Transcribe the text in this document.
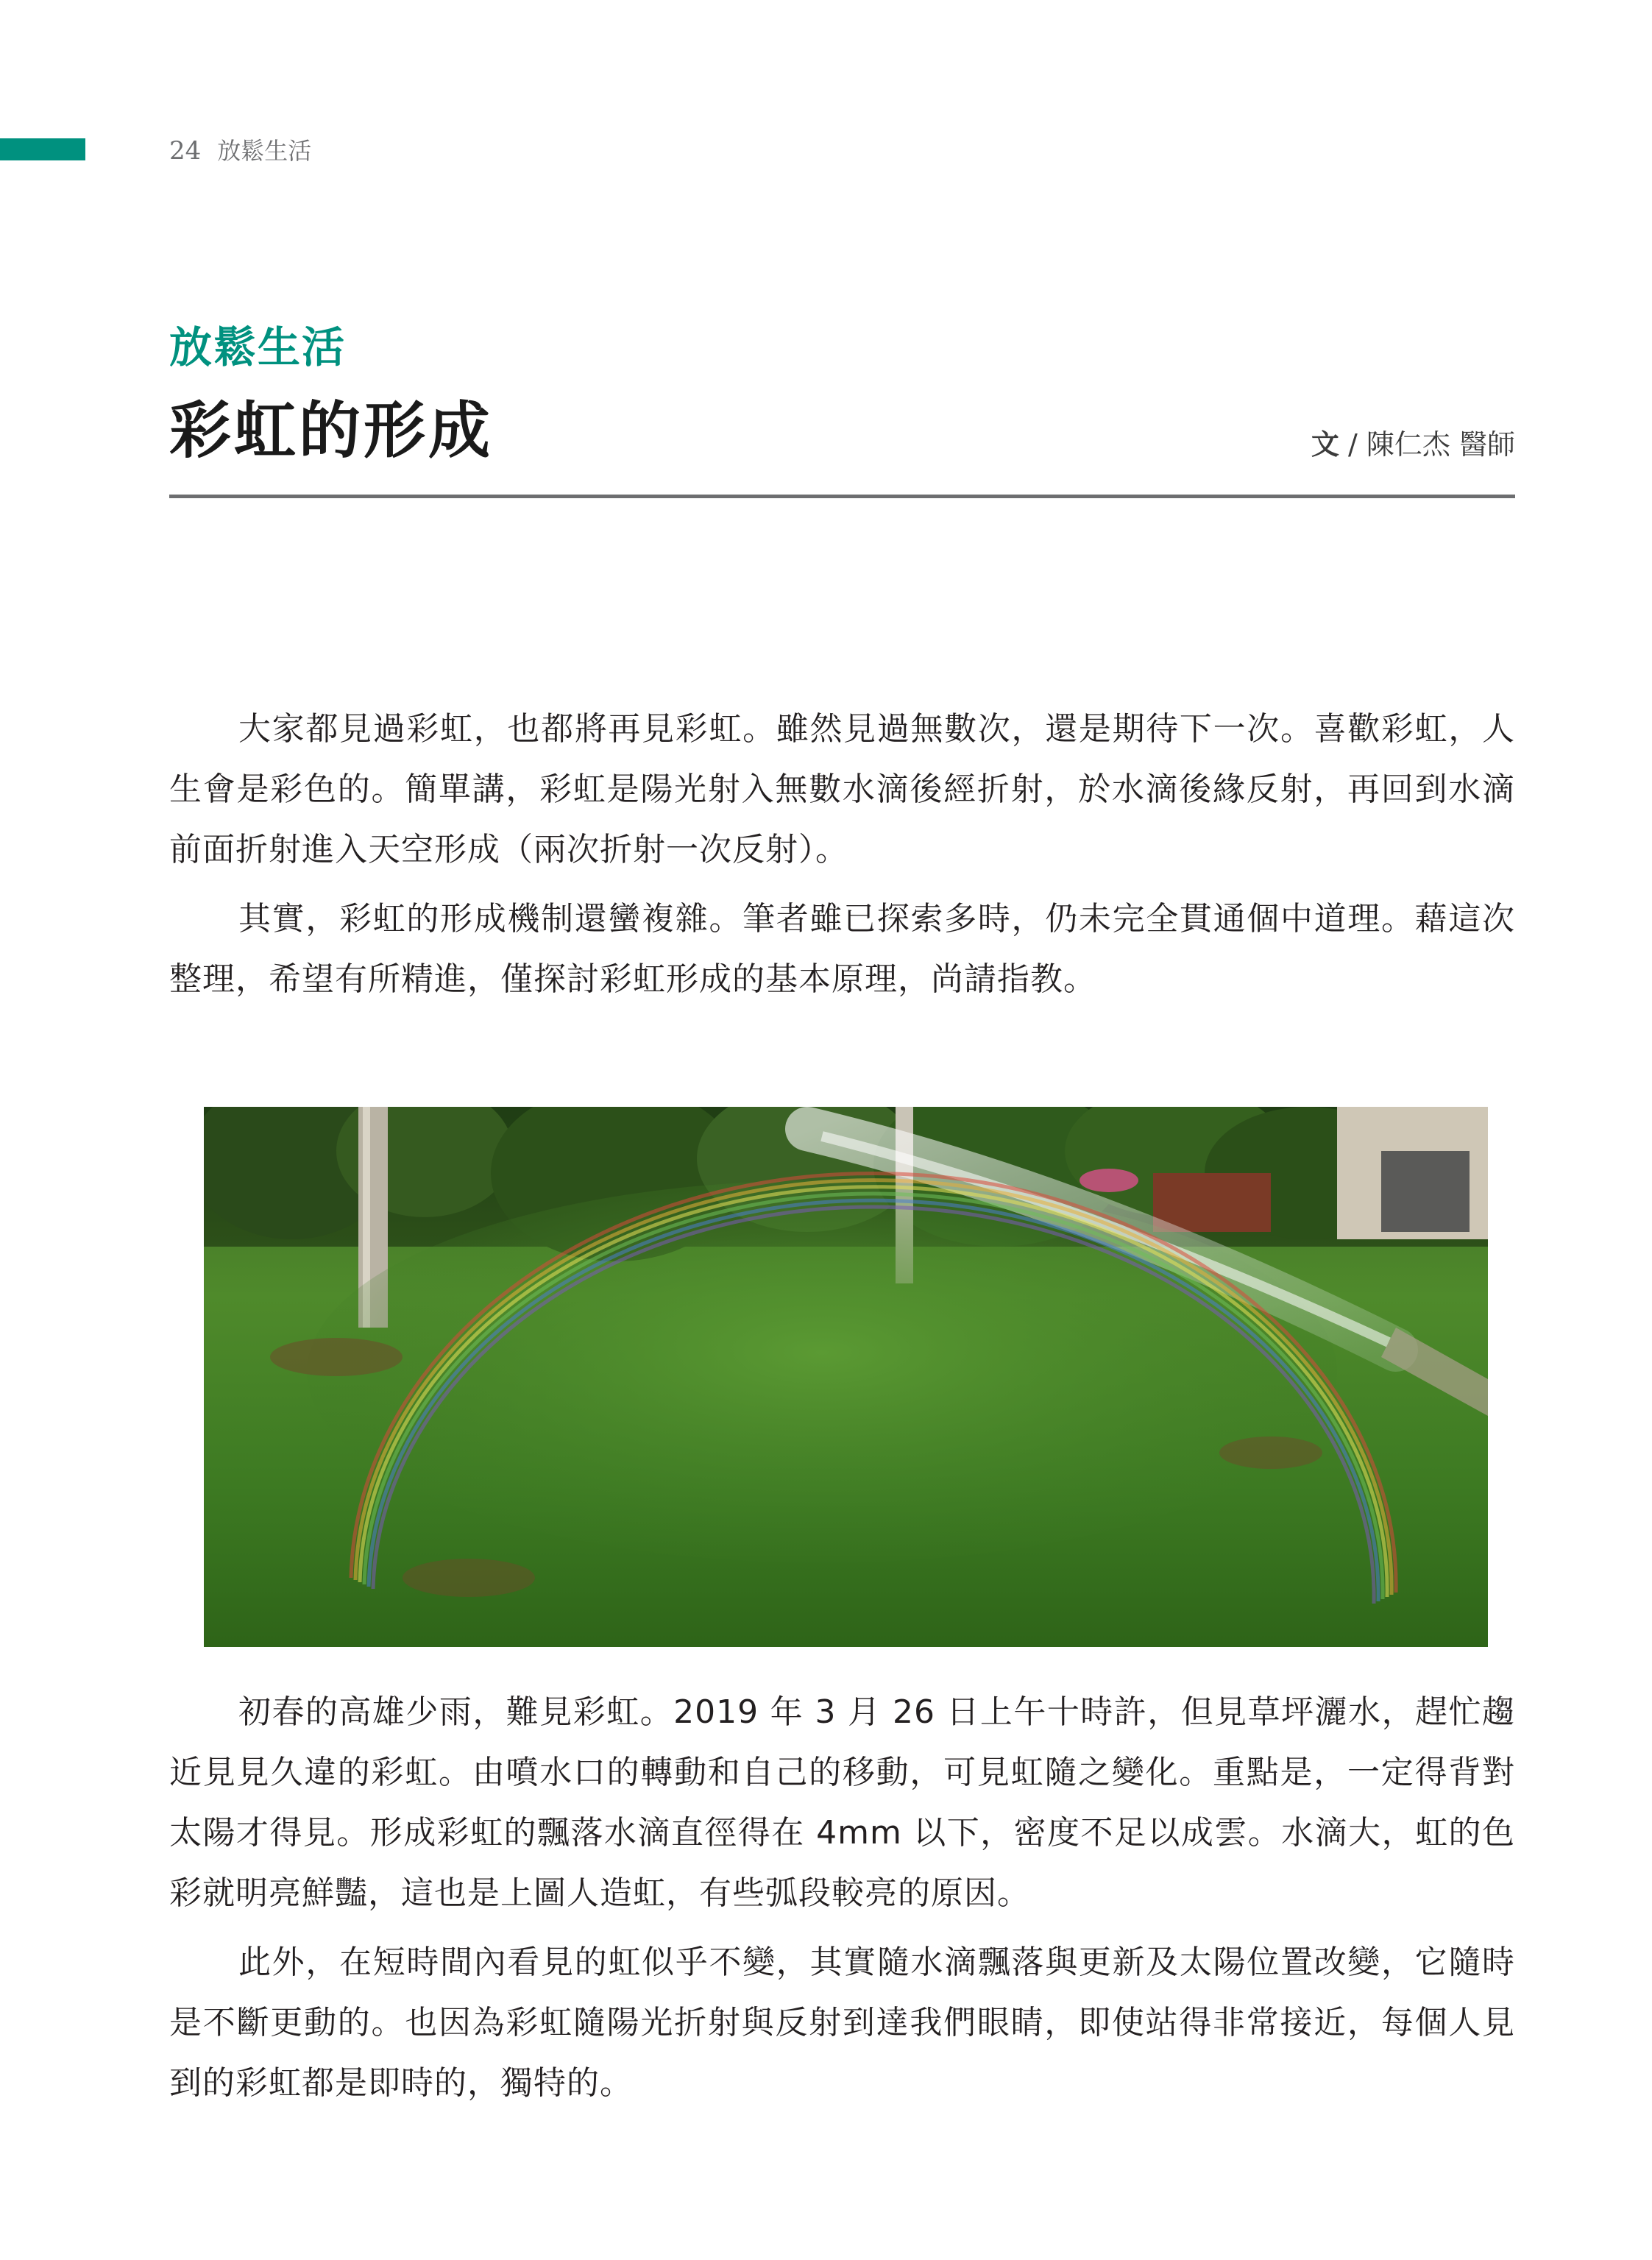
24 放鬆生活
放鬆生活
彩虹的形成	文 / 陳仁杰 醫師

大家都見過彩虹，也都將再見彩虹。雖然見過無數次，還是期待下一次。喜歡彩虹，人生會是彩色的。簡單講，彩虹是陽光射入無數水滴後經折射，於水滴後緣反射，再回到水滴前面折射進入天空形成（兩次折射一次反射）。

其實，彩虹的形成機制還蠻複雜。筆者雖已探索多時，仍未完全貫通個中道理。藉這次整理，希望有所精進，僅探討彩虹形成的基本原理，尚請指教。

初春的高雄少雨，難見彩虹。2019 年 3 月 26 日上午十時許，但見草坪灑水，趕忙趨近見見久違的彩虹。由噴水口的轉動和自己的移動，可見虹隨之變化。重點是，一定得背對太陽才得見。形成彩虹的飄落水滴直徑得在 4mm 以下，密度不足以成雲。水滴大，虹的色彩就明亮鮮豔，這也是上圖人造虹，有些弧段較亮的原因。

此外，在短時間內看見的虹似乎不變，其實隨水滴飄落與更新及太陽位置改變，它隨時是不斷更動的。也因為彩虹隨陽光折射與反射到達我們眼睛，即使站得非常接近，每個人見到的彩虹都是即時的，獨特的。
